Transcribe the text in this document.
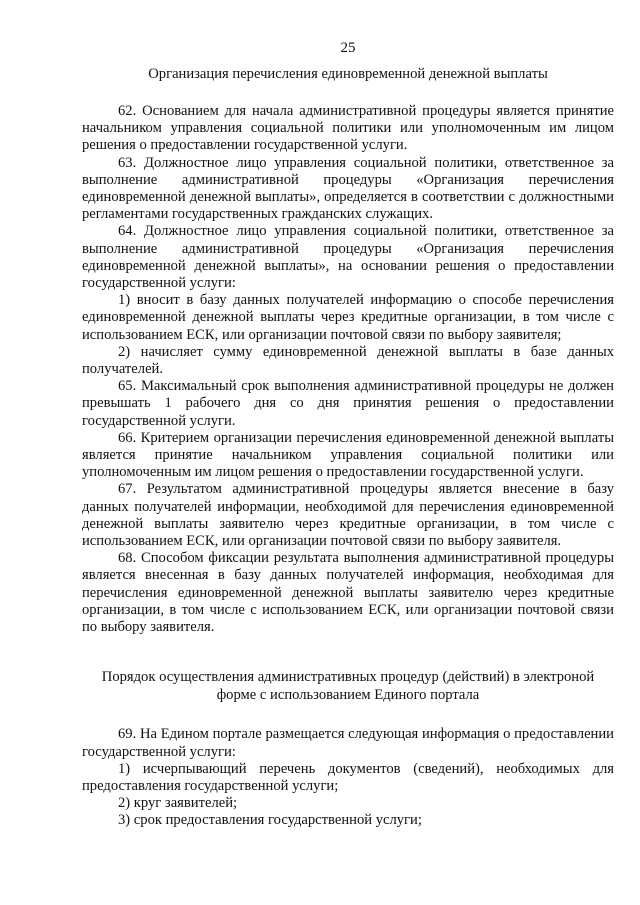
25

Организация перечисления единовременной денежной выплаты

62. Основанием для начала административной процедуры является принятие начальником управления социальной политики или уполномоченным им лицом решения о предоставлении государственной услуги.

63. Должностное лицо управления социальной политики, ответственное за выполнение административной процедуры «Организация перечисления единовременной денежной выплаты», определяется в соответствии с должностными регламентами государственных гражданских служащих.

64. Должностное лицо управления социальной политики, ответственное за выполнение административной процедуры «Организация перечисления единовременной денежной выплаты», на основании решения о предоставлении государственной услуги:

1) вносит в базу данных получателей информацию о способе перечисления единовременной денежной выплаты через кредитные организации, в том числе с использованием ЕСК, или организации почтовой связи по выбору заявителя;

2) начисляет сумму единовременной денежной выплаты в базе данных получателей.

65. Максимальный срок выполнения административной процедуры не должен превышать 1 рабочего дня со дня принятия решения о предоставлении государственной услуги.

66. Критерием организации перечисления единовременной денежной выплаты является принятие начальником управления социальной политики или уполномоченным им лицом решения о предоставлении государственной услуги.

67. Результатом административной процедуры является внесение в базу данных получателей информации, необходимой для перечисления единовременной денежной выплаты заявителю через кредитные организации, в том числе с использованием ЕСК, или организации почтовой связи по выбору заявителя.

68. Способом фиксации результата выполнения административной процедуры является внесенная в базу данных получателей информация, необходимая для перечисления единовременной денежной выплаты заявителю через кредитные организации, в том числе с использованием ЕСК, или организации почтовой связи по выбору заявителя.

Порядок осуществления административных процедур (действий) в электроной форме с использованием Единого портала

69. На Едином портале размещается следующая информация о предоставлении государственной услуги:

1) исчерпывающий перечень документов (сведений), необходимых для предоставления государственной услуги;

2) круг заявителей;

3) срок предоставления государственной услуги;
